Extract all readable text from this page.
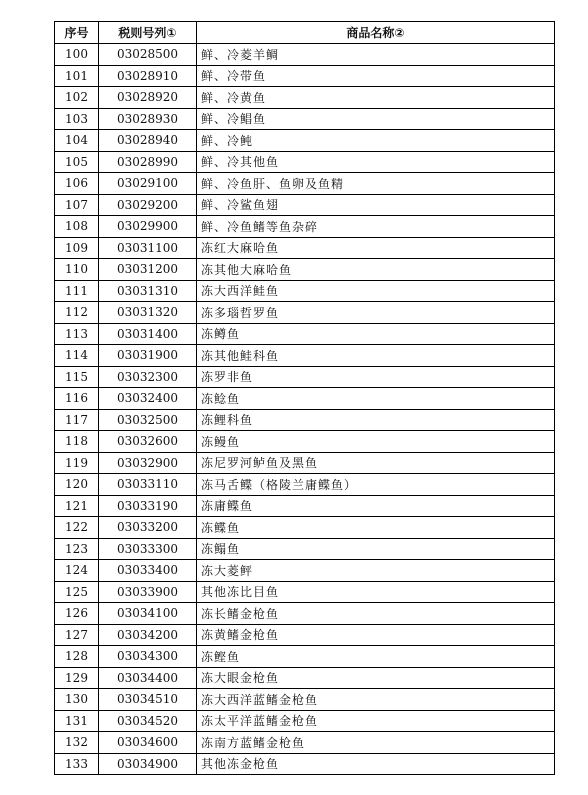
序号	税则号列①	商品名称②
100	03028500	鲜、冷菱羊鲷
101	03028910	鲜、冷带鱼
102	03028920	鲜、冷黄鱼
103	03028930	鲜、冷鲳鱼
104	03028940	鲜、冷鲀
105	03028990	鲜、冷其他鱼
106	03029100	鲜、冷鱼肝、鱼卵及鱼精
107	03029200	鲜、冷鲨鱼翅
108	03029900	鲜、冷鱼鳍等鱼杂碎
109	03031100	冻红大麻哈鱼
110	03031200	冻其他大麻哈鱼
111	03031310	冻大西洋鲑鱼
112	03031320	冻多瑙哲罗鱼
113	03031400	冻鳟鱼
114	03031900	冻其他鲑科鱼
115	03032300	冻罗非鱼
116	03032400	冻鲶鱼
117	03032500	冻鲤科鱼
118	03032600	冻鳗鱼
119	03032900	冻尼罗河鲈鱼及黑鱼
120	03033110	冻马舌鲽（格陵兰庸鲽鱼）
121	03033190	冻庸鲽鱼
122	03033200	冻鲽鱼
123	03033300	冻鳎鱼
124	03033400	冻大菱鲆
125	03033900	其他冻比目鱼
126	03034100	冻长鳍金枪鱼
127	03034200	冻黄鳍金枪鱼
128	03034300	冻鲣鱼
129	03034400	冻大眼金枪鱼
130	03034510	冻大西洋蓝鳍金枪鱼
131	03034520	冻太平洋蓝鳍金枪鱼
132	03034600	冻南方蓝鳍金枪鱼
133	03034900	其他冻金枪鱼
